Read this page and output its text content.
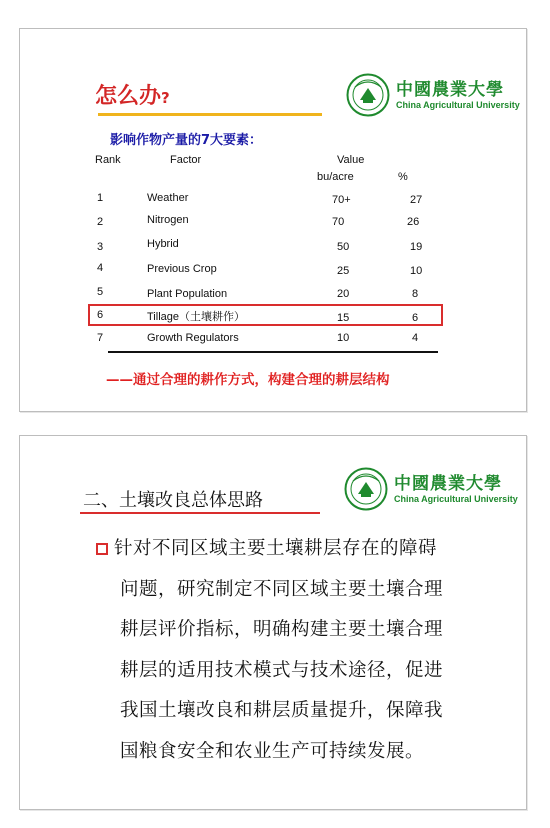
怎么办?	中國農業大學
China Agricultural University
影响作物产量的7大要素：
Rank	Factor	Value
bu/acre	%
1	Weather	70+	27
2	Nitrogen	70	26
3	Hybrid	50	19
4	Previous Crop	25	10
5	Plant Population	20	8
6	Tillage（土壤耕作）	15	6
7	Growth Regulators	10	4
——通过合理的耕作方式，构建合理的耕层结构
二、土壤改良总体思路
中國農業大學
China Agricultural University
针对不同区域主要土壤耕层存在的障碍
问题，研究制定不同区域主要土壤合理
耕层评价指标，明确构建主要土壤合理
耕层的适用技术模式与技术途径，促进
我国土壤改良和耕层质量提升，保障我
国粮食安全和农业生产可持续发展。
